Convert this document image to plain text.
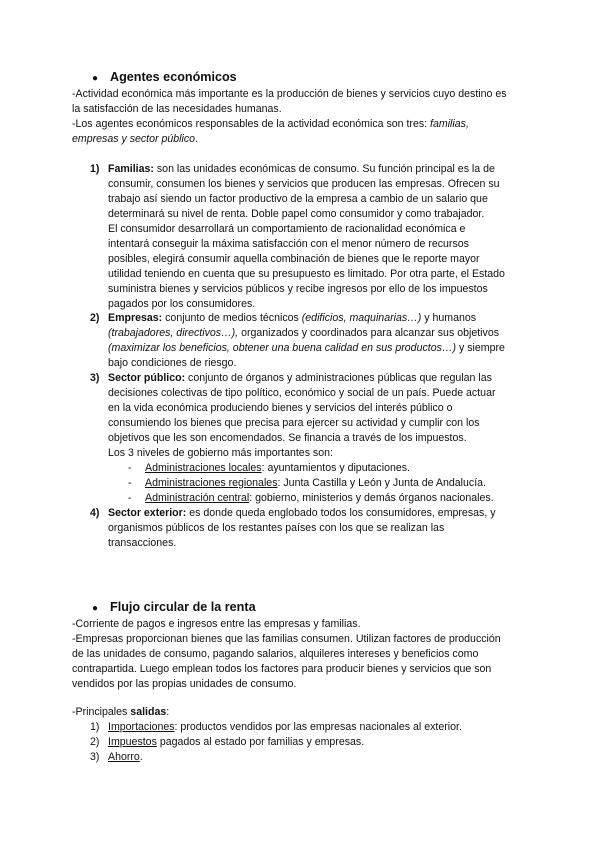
● Agentes económicos
-Actividad económica más importante es la producción de bienes y servicios cuyo destino es
la satisfacción de las necesidades humanas.
-Los agentes económicos responsables de la actividad económica son tres: familias,
empresas y sector público.
1) Familias: son las unidades económicas de consumo. Su función principal es la de
consumir, consumen los bienes y servicios que producen las empresas. Ofrecen su
trabajo así siendo un factor productivo de la empresa a cambio de un salario que
determinará su nivel de renta. Doble papel como consumidor y como trabajador.
El consumidor desarrollará un comportamiento de racionalidad económica e
intentará conseguir la máxima satisfacción con el menor número de recursos
posibles, elegirá consumir aquella combinación de bienes que le reporte mayor
utilidad teniendo en cuenta que su presupuesto es limitado. Por otra parte, el Estado
suministra bienes y servicios públicos y recibe ingresos por ello de los impuestos
pagados por los consumidores.
2) Empresas: conjunto de medios técnicos (edificios, maquinarias…) y humanos
(trabajadores, directivos…), organizados y coordinados para alcanzar sus objetivos
(maximizar los beneficios, obtener una buena calidad en sus productos…) y siempre
bajo condiciones de riesgo.
3) Sector público: conjunto de órganos y administraciones públicas que regulan las
decisiones colectivas de tipo político, económico y social de un país. Puede actuar
en la vida económica produciendo bienes y servicios del interés público o
consumiendo los bienes que precisa para ejercer su actividad y cumplir con los
objetivos que les son encomendados. Se financia a través de los impuestos.
Los 3 niveles de gobierno más importantes son:
- Administraciones locales: ayuntamientos y diputaciones.
- Administraciones regionales: Junta Castilla y León y Junta de Andalucía.
- Administración central: gobierno, ministerios y demás órganos nacionales.
4) Sector exterior: es donde queda englobado todos los consumidores, empresas, y
organismos públicos de los restantes países con los que se realizan las
transacciones.
● Flujo circular de la renta
-Corriente de pagos e ingresos entre las empresas y familias.
-Empresas proporcionan bienes que las familias consumen. Utilizan factores de producción
de las unidades de consumo, pagando salarios, alquileres intereses y beneficios como
contrapartida. Luego emplean todos los factores para producir bienes y servicios que son
vendidos por las propias unidades de consumo.
-Principales salidas:
1) Importaciones: productos vendidos por las empresas nacionales al exterior.
2) Impuestos pagados al estado por familias y empresas.
3) Ahorro.
